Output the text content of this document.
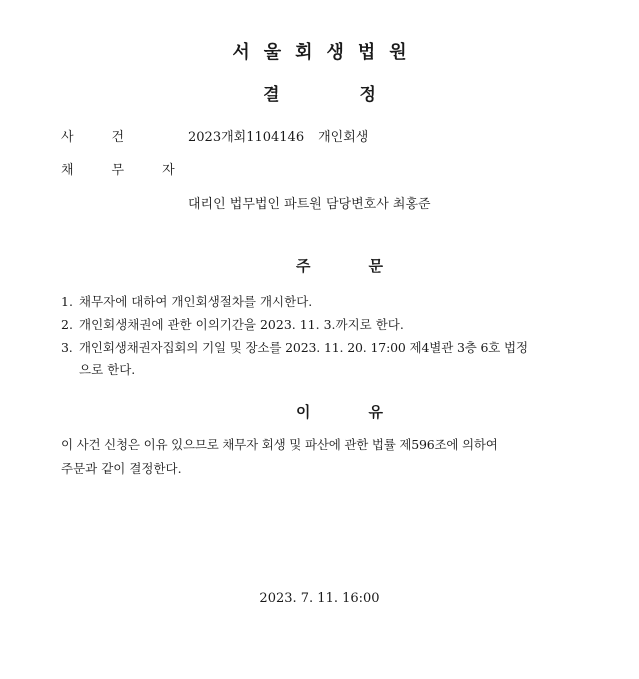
서울회생법원
결정
사건 2023개회1104146 개인회생
채무자
대리인 법무법인 파트원 담당변호사 최홍준
주	문
1. 채무자에 대하여 개인회생절차를 개시한다.
2. 개인회생채권에 관한 이의기간을 2023. 11. 3.까지로 한다.
3. 개인회생채권자집회의 기일 및 장소를 2023. 11. 20. 17:00 제4별관 3층 6호 법정
으로 한다.
이	유
이 사건 신청은 이유 있으므로 채무자 회생 및 파산에 관한 법률 제596조에 의하여
주문과 같이 결정한다.
2023. 7. 11. 16:00
